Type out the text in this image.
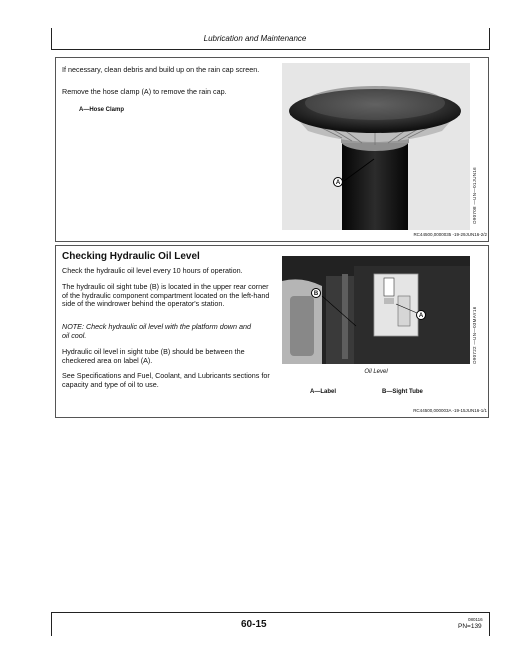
Lubrication and Maintenance
If necessary, clean debris and build up on the rain cap screen.
Remove the hose clamp (A) to remove the rain cap.
A—Hose Clamp
A	O90708 —UN—01JUN16
RC44500,0000035 -19-29JUN16-2/2
Checking Hydraulic Oil Level
Check the hydraulic oil level every 10 hours of operation.
The hydraulic oil sight tube (B) is located in the upper rear corner of the hydraulic component compartment located on the left-hand side of the windrower behind the operator's station.
NOTE: Check hydraulic oil level with the platform down and oil cool.
Hydraulic oil level in sight tube (B) should be between the checkered area on label (A).
See Specifications and Fuel, Coolant, and Lubricants sections for capacity and type of oil to use.
B
A	O90722 —UN—03MAY16
Oil Level
A—Label	B—Sight Tube
RC44500,000003A -19-15JUN16-1/1
60-15	080116
PN=139
